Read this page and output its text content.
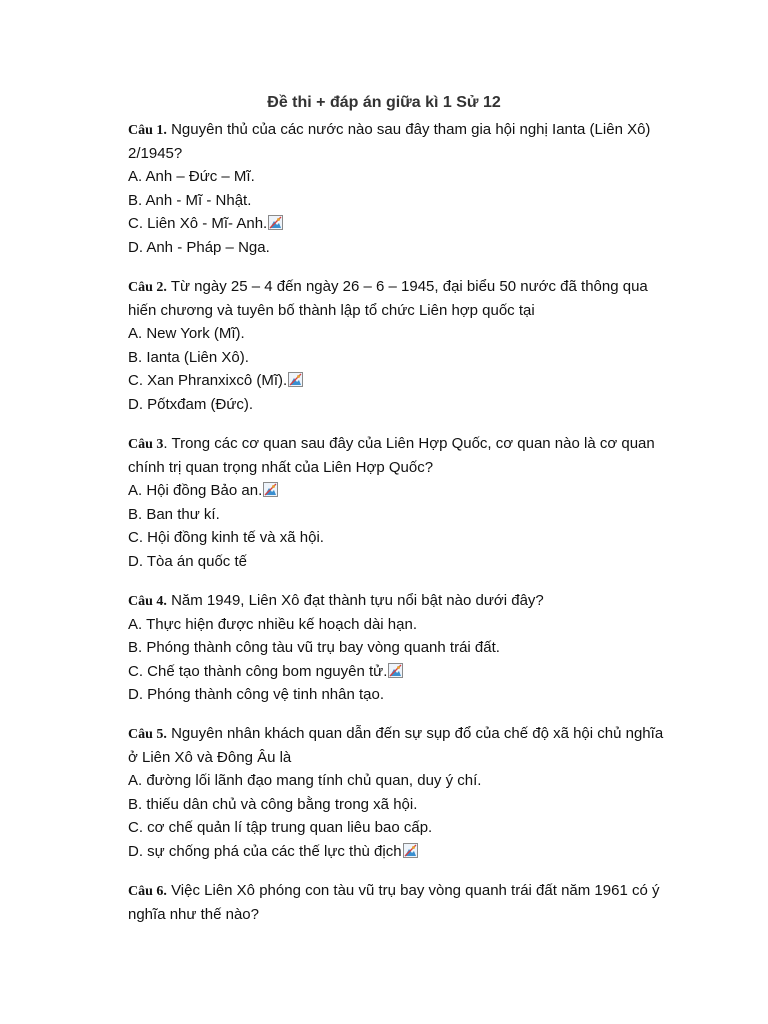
Đề thi + đáp án giữa kì 1 Sử 12
Câu 1. Nguyên thủ của các nước nào sau đây tham gia hội nghị Ianta (Liên Xô)
2/1945?
A. Anh – Đức – Mĩ.
B. Anh - Mĩ - Nhật.
C. Liên Xô - Mĩ- Anh.
D. Anh - Pháp – Nga.
Câu 2. Từ ngày 25 – 4 đến ngày 26 – 6 – 1945, đại biểu 50 nước đã thông qua
hiến chương và tuyên bố thành lập tổ chức Liên hợp quốc tại
A. New York (Mĩ).
B. Ianta (Liên Xô).
C. Xan Phranxixcô (Mĩ).
D. Pốtxđam (Đức).
Câu 3. Trong các cơ quan sau đây của Liên Hợp Quốc, cơ quan nào là cơ quan
chính trị quan trọng nhất của Liên Hợp Quốc?
A. Hội đồng Bảo an.
B. Ban thư kí.
C. Hội đồng kinh tế và xã hội.
D. Tòa án quốc tế
Câu 4. Năm 1949, Liên Xô đạt thành tựu nổi bật nào dưới đây?
A. Thực hiện được nhiều kế hoạch dài hạn.
B. Phóng thành công tàu vũ trụ bay vòng quanh trái đất.
C. Chế tạo thành công bom nguyên tử.
D. Phóng thành công vệ tinh nhân tạo.
Câu 5. Nguyên nhân khách quan dẫn đến sự sụp đổ của chế độ xã hội chủ nghĩa
ở Liên Xô và Đông Âu là
A. đường lối lãnh đạo mang tính chủ quan, duy ý chí.
B. thiếu dân chủ và công bằng trong xã hội.
C. cơ chế quản lí tập trung quan liêu bao cấp.
D. sự chống phá của các thế lực thù địch
Câu 6. Việc Liên Xô phóng con tàu vũ trụ bay vòng quanh trái đất năm 1961 có ý
nghĩa như thế nào?
